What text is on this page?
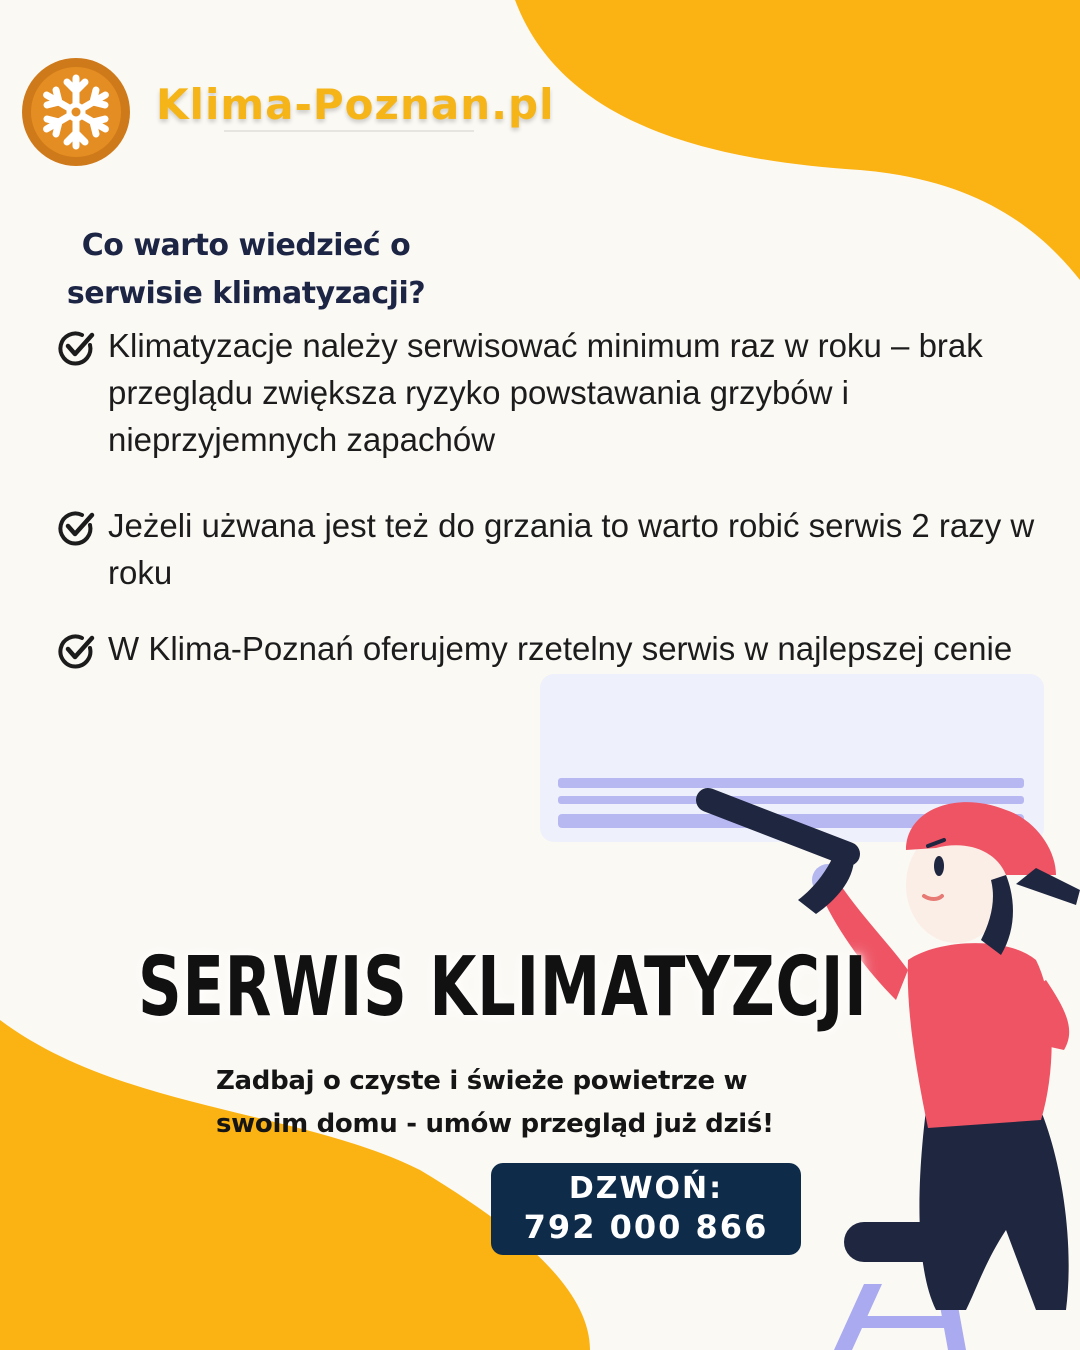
Klima-Poznan.pl
Co warto wiedzieć o
serwisie klimatyzacji?
Klimatyzacje należy serwisować minimum raz w roku – brak przeglądu zwiększa ryzyko powstawania grzybów i nieprzyjemnych zapachów
Jeżeli użwana jest też do grzania to warto robić serwis 2 razy w roku
W Klima-Poznań oferujemy rzetelny serwis w najlepszej cenie
SERWIS KLIMATYZCJI
Zadbaj o czyste i świeże powietrze w
swoim domu - umów przegląd już dziś!
DZWOŃ:
792 000 866
